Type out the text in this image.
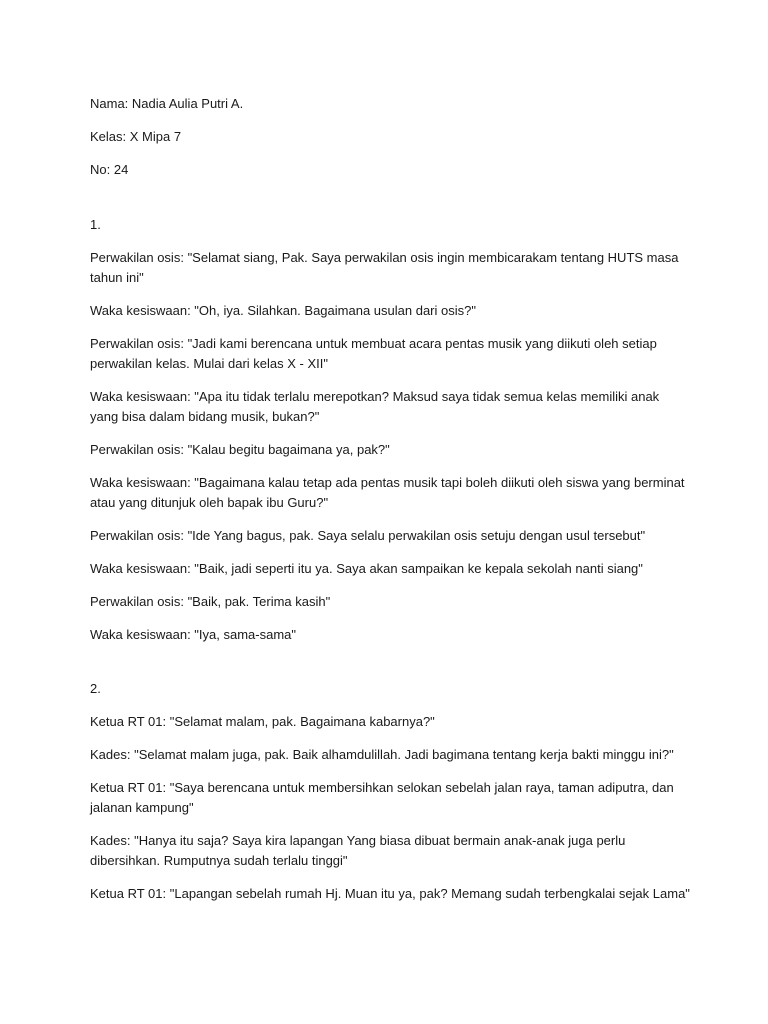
Nama: Nadia Aulia Putri A.

Kelas: X Mipa 7

No: 24

1.

Perwakilan osis : "Selamat siang, Pak. Saya perwakilan osis ingin membicarakam tentang HUTS masa tahun ini"

Waka kesiswaan : "Oh, iya. Silahkan. Bagaimana usulan dari osis?"

Perwakilan osis : "Jadi kami berencana untuk membuat acara pentas musik yang diikuti oleh setiap perwakilan kelas. Mulai dari kelas X - XII"

Waka kesiswaan : "Apa itu tidak terlalu merepotkan? Maksud saya tidak semua kelas memiliki anak yang bisa dalam bidang musik, bukan?"

Perwakilan osis : "Kalau begitu bagaimana ya, pak?"

Waka kesiswaan : "Bagaimana kalau tetap ada pentas musik tapi boleh diikuti oleh siswa yang berminat atau yang ditunjuk oleh bapak ibu Guru?"

Perwakilan osis : "Ide Yang bagus, pak. Saya selalu perwakilan osis setuju dengan usul tersebut"

Waka kesiswaan : "Baik, jadi seperti itu ya. Saya akan sampaikan ke kepala sekolah nanti siang"

Perwakilan osis : "Baik, pak. Terima kasih"

Waka kesiswaan : "Iya, sama-sama"

2.

Ketua RT 01 : "Selamat malam, pak. Bagaimana kabarnya?"

Kades : "Selamat malam juga, pak. Baik alhamdulillah. Jadi bagimana tentang kerja bakti minggu ini?"

Ketua RT 01 : "Saya berencana untuk membersihkan selokan sebelah jalan raya, taman adiputra, dan jalanan kampung"

Kades : "Hanya itu saja? Saya kira lapangan Yang biasa dibuat bermain anak-anak juga perlu dibersihkan. Rumputnya sudah terlalu tinggi"

Ketua RT 01 : "Lapangan sebelah rumah Hj. Muan itu ya, pak? Memang sudah terbengkalai sejak Lama"
